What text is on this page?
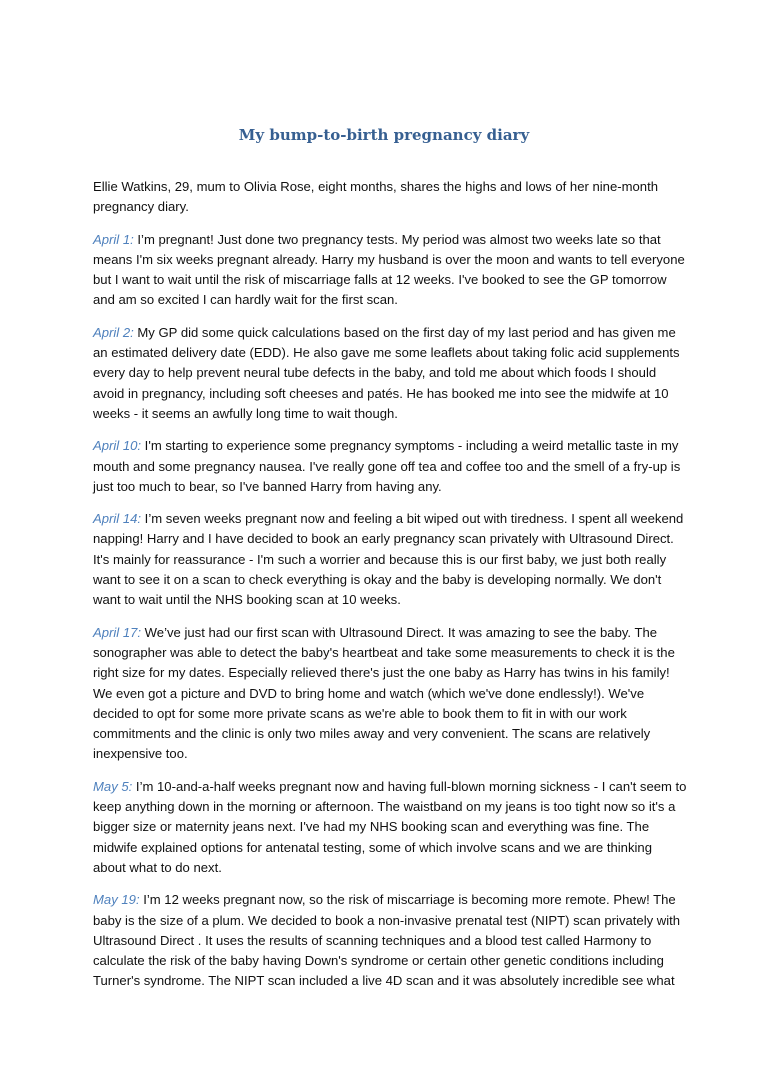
My bump-to-birth pregnancy diary

Ellie Watkins, 29, mum to Olivia Rose, eight months, shares the highs and lows of her nine-month pregnancy diary.

April 1: I’m pregnant! Just done two pregnancy tests. My period was almost two weeks late so that means I'm six weeks pregnant already. Harry my husband is over the moon and wants to tell everyone but I want to wait until the risk of miscarriage falls at 12 weeks. I've booked to see the GP tomorrow and am so excited I can hardly wait for the first scan.

April 2: My GP did some quick calculations based on the first day of my last period and has given me an estimated delivery date (EDD). He also gave me some leaflets about taking folic acid supplements every day to help prevent neural tube defects in the baby, and told me about which foods I should avoid in pregnancy, including soft cheeses and patés. He has booked me into see the midwife at 10 weeks - it seems an awfully long time to wait though.

April 10: I'm starting to experience some pregnancy symptoms - including a weird metallic taste in my mouth and some pregnancy nausea. I've really gone off tea and coffee too and the smell of a fry-up is just too much to bear, so I've banned Harry from having any.

April 14: I’m seven weeks pregnant now and feeling a bit wiped out with tiredness. I spent all weekend napping! Harry and I have decided to book an early pregnancy scan privately with Ultrasound Direct. It's mainly for reassurance - I'm such a worrier and because this is our first baby, we just both really want to see it on a scan to check everything is okay and the baby is developing normally. We don't want to wait until the NHS booking scan at 10 weeks.

April 17: We’ve just had our first scan with Ultrasound Direct. It was amazing to see the baby. The sonographer was able to detect the baby's heartbeat and take some measurements to check it is the right size for my dates. Especially relieved there's just the one baby as Harry has twins in his family! We even got a picture and DVD to bring home and watch (which we've done endlessly!). We've decided to opt for some more private scans as we're able to book them to fit in with our work commitments and the clinic is only two miles away and very convenient. The scans are relatively inexpensive too.

May 5: I’m 10-and-a-half weeks pregnant now and having full-blown morning sickness - I can't seem to keep anything down in the morning or afternoon. The waistband on my jeans is too tight now so it's a bigger size or maternity jeans next. I've had my NHS booking scan and everything was fine. The midwife explained options for antenatal testing, some of which involve scans and we are thinking about what to do next.

May 19: I’m 12 weeks pregnant now, so the risk of miscarriage is becoming more remote. Phew! The baby is the size of a plum. We decided to book a non-invasive prenatal test (NIPT) scan privately with Ultrasound Direct . It uses the results of scanning techniques and a blood test called Harmony to calculate the risk of the baby having Down's syndrome or certain other genetic conditions including Turner's syndrome. The NIPT scan included a live 4D scan and it was absolutely incredible see what
